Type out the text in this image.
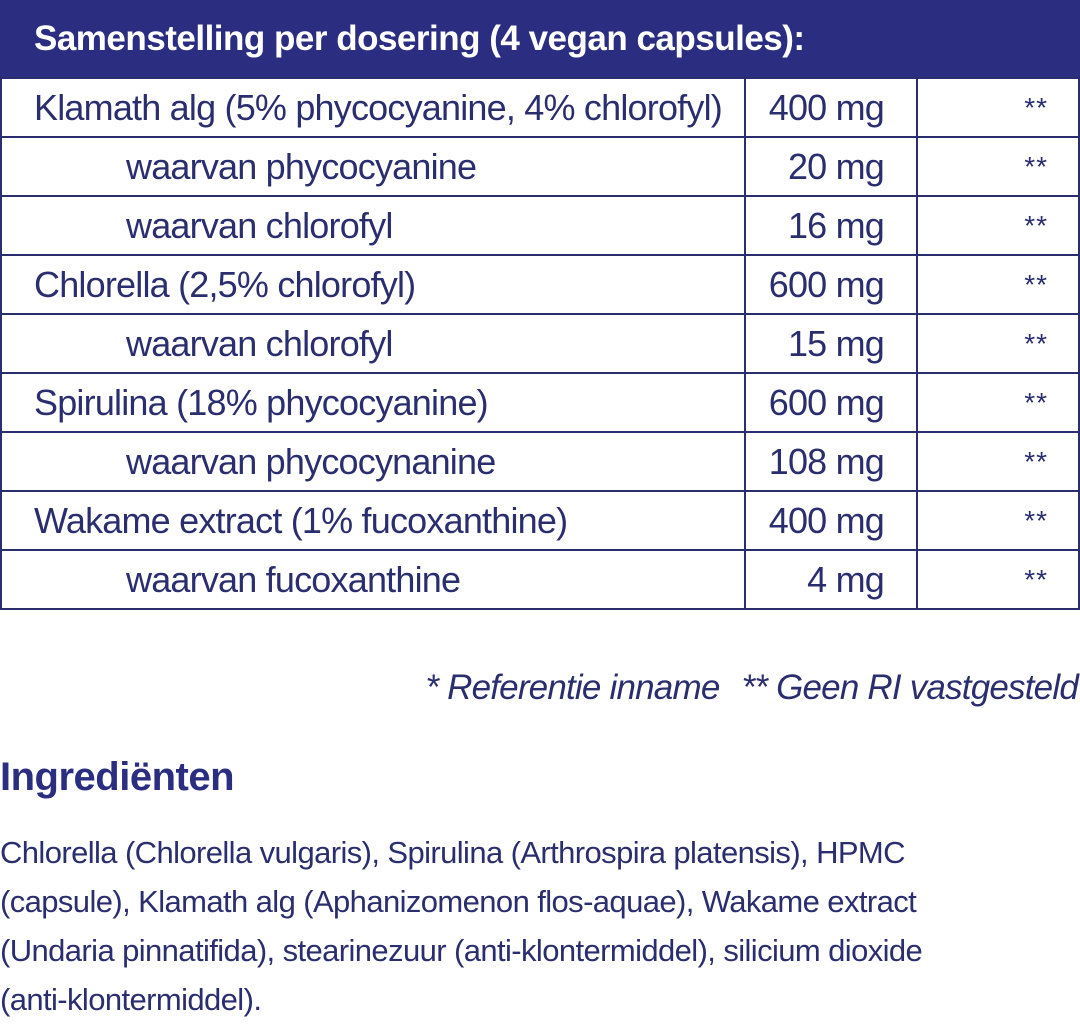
Samenstelling per dosering (4 vegan capsules):
Klamath alg (5% phycocyanine, 4% chlorofyl)	400 mg	**
waarvan phycocyanine	20 mg	**
waarvan chlorofyl	16 mg	**
Chlorella (2,5% chlorofyl)	600 mg	**
waarvan chlorofyl	15 mg	**
Spirulina (18% phycocyanine)	600 mg	**
waarvan phycocynanine	108 mg	**
Wakame extract (1% fucoxanthine)	400 mg	**
waarvan fucoxanthine	4 mg	**
* Referentie inname ** Geen RI vastgesteld
Ingrediënten
Chlorella (Chlorella vulgaris), Spirulina (Arthrospira platensis), HPMC
(capsule), Klamath alg (Aphanizomenon flos-aquae), Wakame extract
(Undaria pinnatifida), stearinezuur (anti-klontermiddel), silicium dioxide
(anti-klontermiddel).
